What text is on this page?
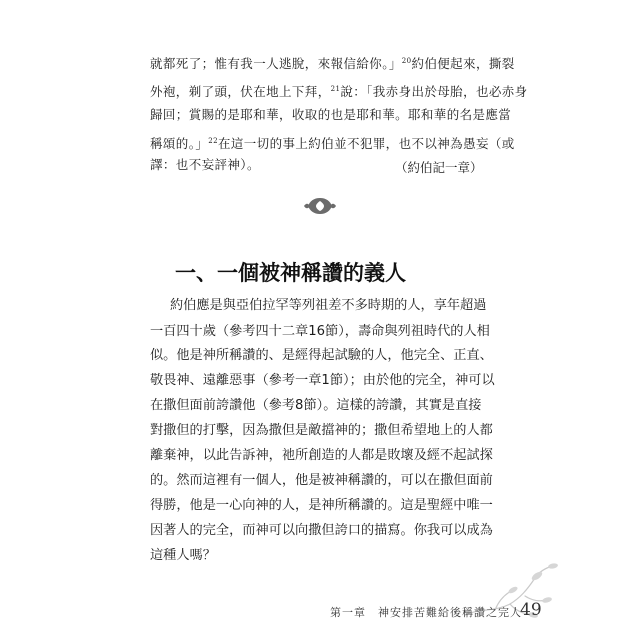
就都死了；惟有我一人逃脫，來報信給你。」$^{20}$約伯便起來，撕裂
外袍，剃了頭，伏在地上下拜，$^{21}$說：「我赤身出於母胎，也必赤身
歸回；賞賜的是耶和華，收取的也是耶和華。耶和華的名是應當
稱頌的。」$^{22}$在這一切的事上約伯並不犯罪，也不以神為愚妄（或
譯：也不妄評神）。	（約伯記一章）
一、一個被神稱讚的義人
約伯應是與亞伯拉罕等列祖差不多時期的人，享年超過
一百四十歲（參考四十二章16節），壽命與列祖時代的人相
似。他是神所稱讚的、是經得起試驗的人，他完全、正直、
敬畏神、遠離惡事（參考一章1節）；由於他的完全，神可以
在撒但面前誇讚他（參考8節）。這樣的誇讚，其實是直接
對撒但的打擊，因為撒但是敵擋神的；撒但希望地上的人都
離棄神，以此告訴神，祂所創造的人都是敗壞及經不起試探
的。然而這裡有一個人，他是被神稱讚的，可以在撒但面前
得勝，他是一心向神的人，是神所稱讚的。這是聖經中唯一
因著人的完全，而神可以向撒但誇口的描寫。你我可以成為
這種人嗎？
第一章　神安排苦難給後稱讚之完人
49
